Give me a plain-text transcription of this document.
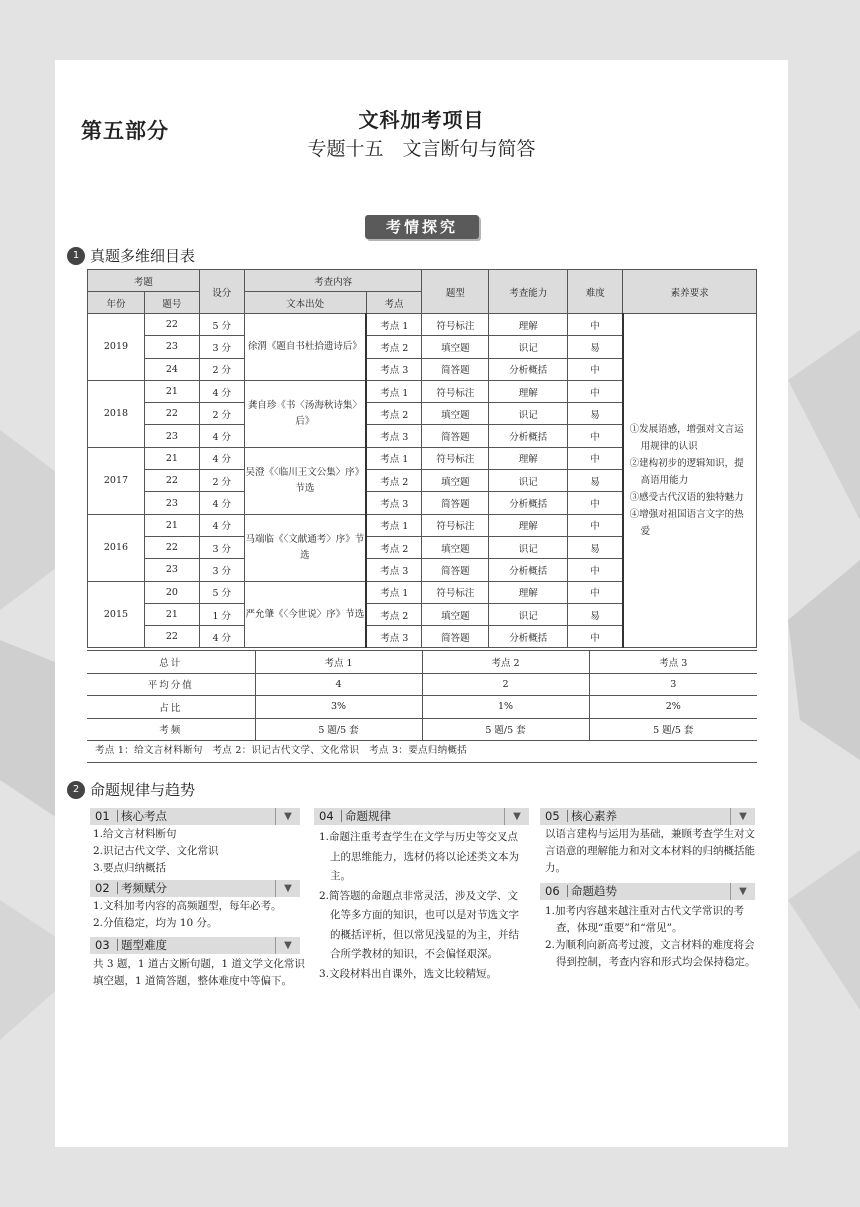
第五部分	文科加考项目
专题十五　文言断句与简答
考情探究
1 真题多维细目表
考题		设分	考查内容		题型	考查能力	难度	素养要求
年份	题号		文本出处	考点				
2019	22	5 分	徐渭《题自书杜拾遗诗后》	考点 1	符号标注	理解	中	①发展语感，增强对文言运用规律的认识
②建构初步的逻辑知识，提高语用能力
③感受古代汉语的独特魅力
④增强对祖国语言文字的热爱

	23	3 分		考点 2	填空题	识记	易	
	24	2 分		考点 3	简答题	分析概括	中	
2018	21	4 分	龚自珍《书〈汤海秋诗集〉后》	考点 1	符号标注	理解	中	
	22	2 分		考点 2	填空题	识记	易	
	23	4 分		考点 3	简答题	分析概括	中	
2017	21	4 分	吴澄《〈临川王文公集〉序》节选	考点 1	符号标注	理解	中	
	22	2 分		考点 2	填空题	识记	易	
	23	4 分		考点 3	简答题	分析概括	中	
2016	21	4 分	马端临《〈文献通考〉序》节选	考点 1	符号标注	理解	中	
	22	3 分		考点 2	填空题	识记	易	
	23	3 分		考点 3	简答题	分析概括	中	
2015	20	5 分	严允肇《〈今世说〉序》节选	考点 1	符号标注	理解	中	
	21	1 分		考点 2	填空题	识记	易	
	22	4 分		考点 3	简答题	分析概括	中	
总计	考点 1	考点 2	考点 3
平均分值	4	2	3
占比	3%	1%	2%
考频	5 题/5 套	5 题/5 套	5 题/5 套
考点 1：给文言材料断句　考点 2：识记古代文学、文化常识　考点 3：要点归纳概括
2 命题规律与趋势
01 核心考点	▼
1.给文言材料断句
2.识记古代文学、文化常识
3.要点归纳概括
02 考频赋分	▼
1.文科加考内容的高频题型，每年必考。
2.分值稳定，均为 10 分。
03 题型难度	▼
共 3 题，1 道古文断句题，1 道文学文化常识填空题，1 道简答题，整体难度中等偏下。
04 命题规律	▼
1.命题注重考查学生在文学与历史等交叉点上的思维能力，选材仍将以论述类文本为主。
2.简答题的命题点非常灵活，涉及文学、文化等多方面的知识，也可以是对节选文字的概括评析，但以常见浅显的为主，并结合所学教材的知识，不会偏怪艰深。
3.文段材料出自课外，选文比较精短。
05 核心素养	▼
以语言建构与运用为基础，兼顾考查学生对文言语意的理解能力和对文本材料的归纳概括能力。
06 命题趋势	▼
1.加考内容越来越注重对古代文学常识的考查，体现“重要”和“常见”。
2.为顺利向新高考过渡，文言材料的难度将会得到控制，考查内容和形式均会保持稳定。
